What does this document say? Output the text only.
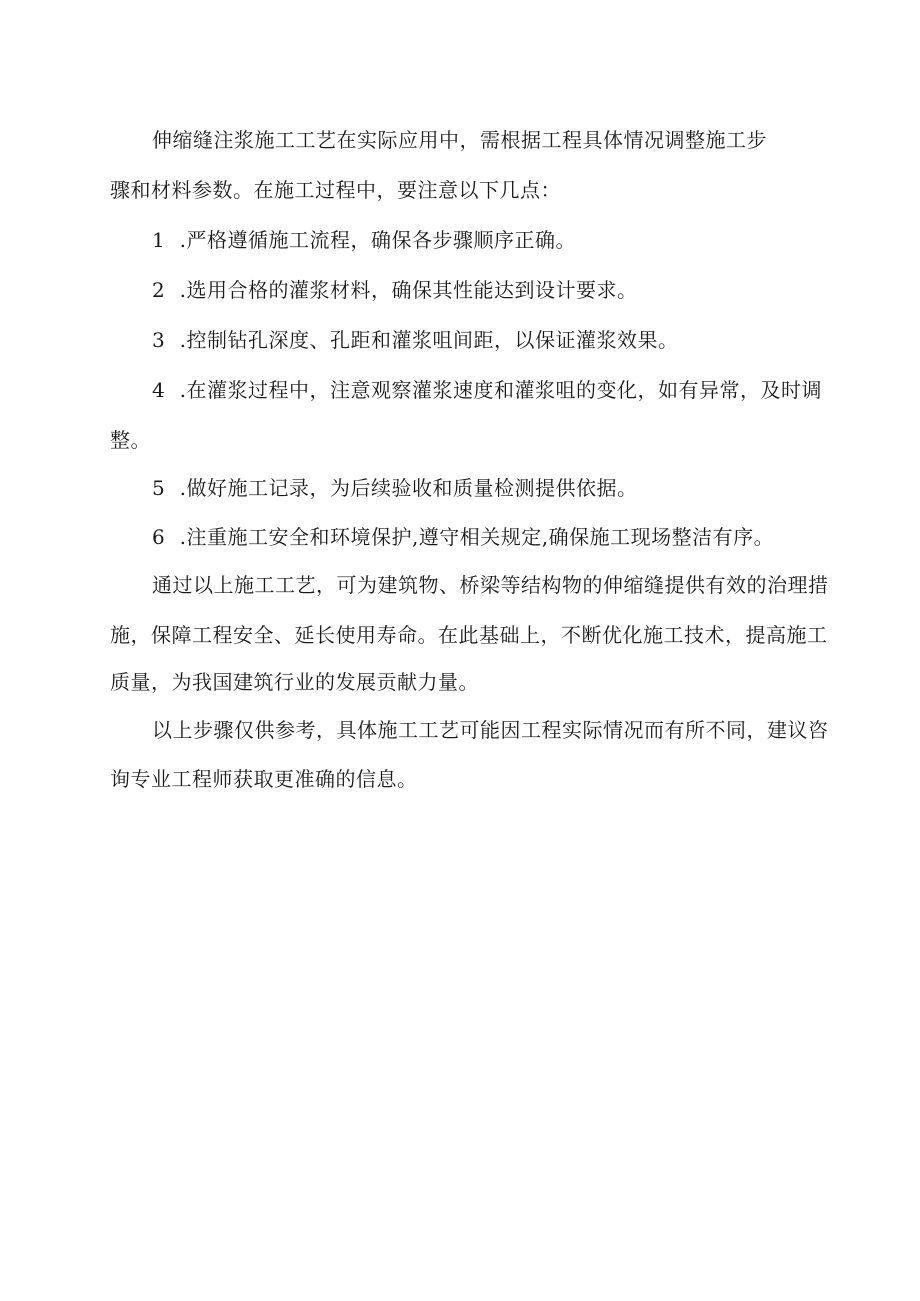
伸缩缝注浆施工工艺在实际应用中，需根据工程具体情况调整施工步
骤和材料参数。在施工过程中，要注意以下几点：
1 .严格遵循施工流程，确保各步骤顺序正确。
2 .选用合格的灌浆材料，确保其性能达到设计要求。
3 .控制钻孔深度、孔距和灌浆咀间距，以保证灌浆效果。
4 .在灌浆过程中，注意观察灌浆速度和灌浆咀的变化，如有异常，及时调
整。
5 .做好施工记录，为后续验收和质量检测提供依据。
6 .注重施工安全和环境保护,遵守相关规定,确保施工现场整洁有序。
通过以上施工工艺，可为建筑物、桥梁等结构物的伸缩缝提供有效的治理措
施，保障工程安全、延长使用寿命。在此基础上，不断优化施工技术，提高施工
质量，为我国建筑行业的发展贡献力量。
以上步骤仅供参考，具体施工工艺可能因工程实际情况而有所不同，建议咨
询专业工程师获取更准确的信息。
